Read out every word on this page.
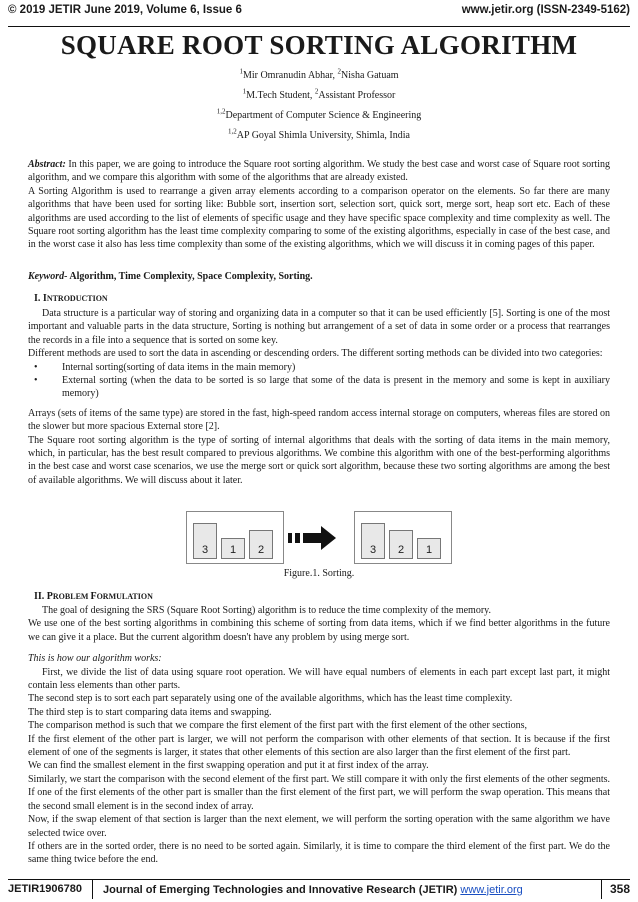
© 2019 JETIR June 2019, Volume 6, Issue 6	www.jetir.org (ISSN-2349-5162)
SQUARE ROOT SORTING ALGORITHM
$^1$Mir Omranudin Abhar, $^2$Nisha Gatuam
$^1$M.Tech Student, $^2$Assistant Professor
$^{1,2}$Department of Computer Science & Engineering
$^{1,2}$AP Goyal Shimla University, Shimla, India

Abstract: In this paper, we are going to introduce the Square root sorting algorithm. We study the best case and worst case of Square root sorting algorithm, and we compare this algorithm with some of the algorithms that are already existed.

A Sorting Algorithm is used to rearrange a given array elements according to a comparison operator on the elements. So far there are many algorithms that have been used for sorting like: Bubble sort, insertion sort, selection sort, quick sort, merge sort, heap sort etc. Each of these algorithms are used according to the list of elements of specific usage and they have specific space complexity and time complexity as well. The Square root sorting algorithm has the least time complexity comparing to some of the existing algorithms, especially in case of the best case, and in the worst case it also has less time complexity than some of the existing algorithms, which we will discuss it in coming pages of this paper.

Keyword- Algorithm, Time Complexity, Space Complexity, Sorting.
I. INTRODUCTION

Data structure is a particular way of storing and organizing data in a computer so that it can be used efficiently [5]. Sorting is one of the most important and valuable parts in the data structure, Sorting is nothing but arrangement of a set of data in some order or a process that rearranges the records in a file into a sequence that is sorted on some key.

Different methods are used to sort the data in ascending or descending orders. The different sorting methods can be divided into two categories:

• Internal sorting(sorting of data items in the main memory)
• External sorting (when the data to be sorted is so large that some of the data is present in the memory and some is kept in auxiliary memory)

Arrays (sets of items of the same type) are stored in the fast, high-speed random access internal storage on computers, whereas files are stored on the slower but more spacious External store [2].

The Square root sorting algorithm is the type of sorting of internal algorithms that deals with the sorting of data items in the main memory, which, in particular, has the best result compared to previous algorithms. We combine this algorithm with one of the best-performing algorithms in the best case and worst case scenarios, we use the merge sort or quick sort algorithm, because these two sorting algorithms are among the best of available algorithms. We will discuss about it later.

3	1	2	3	2	1
Figure.1. Sorting.
II. PROBLEM FORMULATION

The goal of designing the SRS (Square Root Sorting) algorithm is to reduce the time complexity of the memory.

We use one of the best sorting algorithms in combining this scheme of sorting from data items, which if we find better algorithms in the future we can give it a place. But the current algorithm doesn't have any problem by using merge sort.

This is how our algorithm works:

First, we divide the list of data using square root operation. We will have equal numbers of elements in each part except last part, it might contain less elements than other parts.

The second step is to sort each part separately using one of the available algorithms, which has the least time complexity.

The third step is to start comparing data items and swapping.

The comparison method is such that we compare the first element of the first part with the first element of the other sections,

If the first element of the other part is larger, we will not perform the comparison with other elements of that section. It is because if the first element of one of the segments is larger, it states that other elements of this section are also larger than the first element of the first part.

We can find the smallest element in the first swapping operation and put it at first index of the array.

Similarly, we start the comparison with the second element of the first part. We still compare it with only the first elements of the other segments. If one of the first elements of the other part is smaller than the first element of the first part, we will perform the swap operation. This means that the second small element is in the second index of array.

Now, if the swap element of that section is larger than the next element, we will perform the sorting operation with the same algorithm we have selected twice over.

If others are in the sorted order, there is no need to be sorted again. Similarly, it is time to compare the third element of the first part. We do the same thing twice before the end.

JETIR1906780	Journal of Emerging Technologies and Innovative Research (JETIR) www.jetir.org	358
